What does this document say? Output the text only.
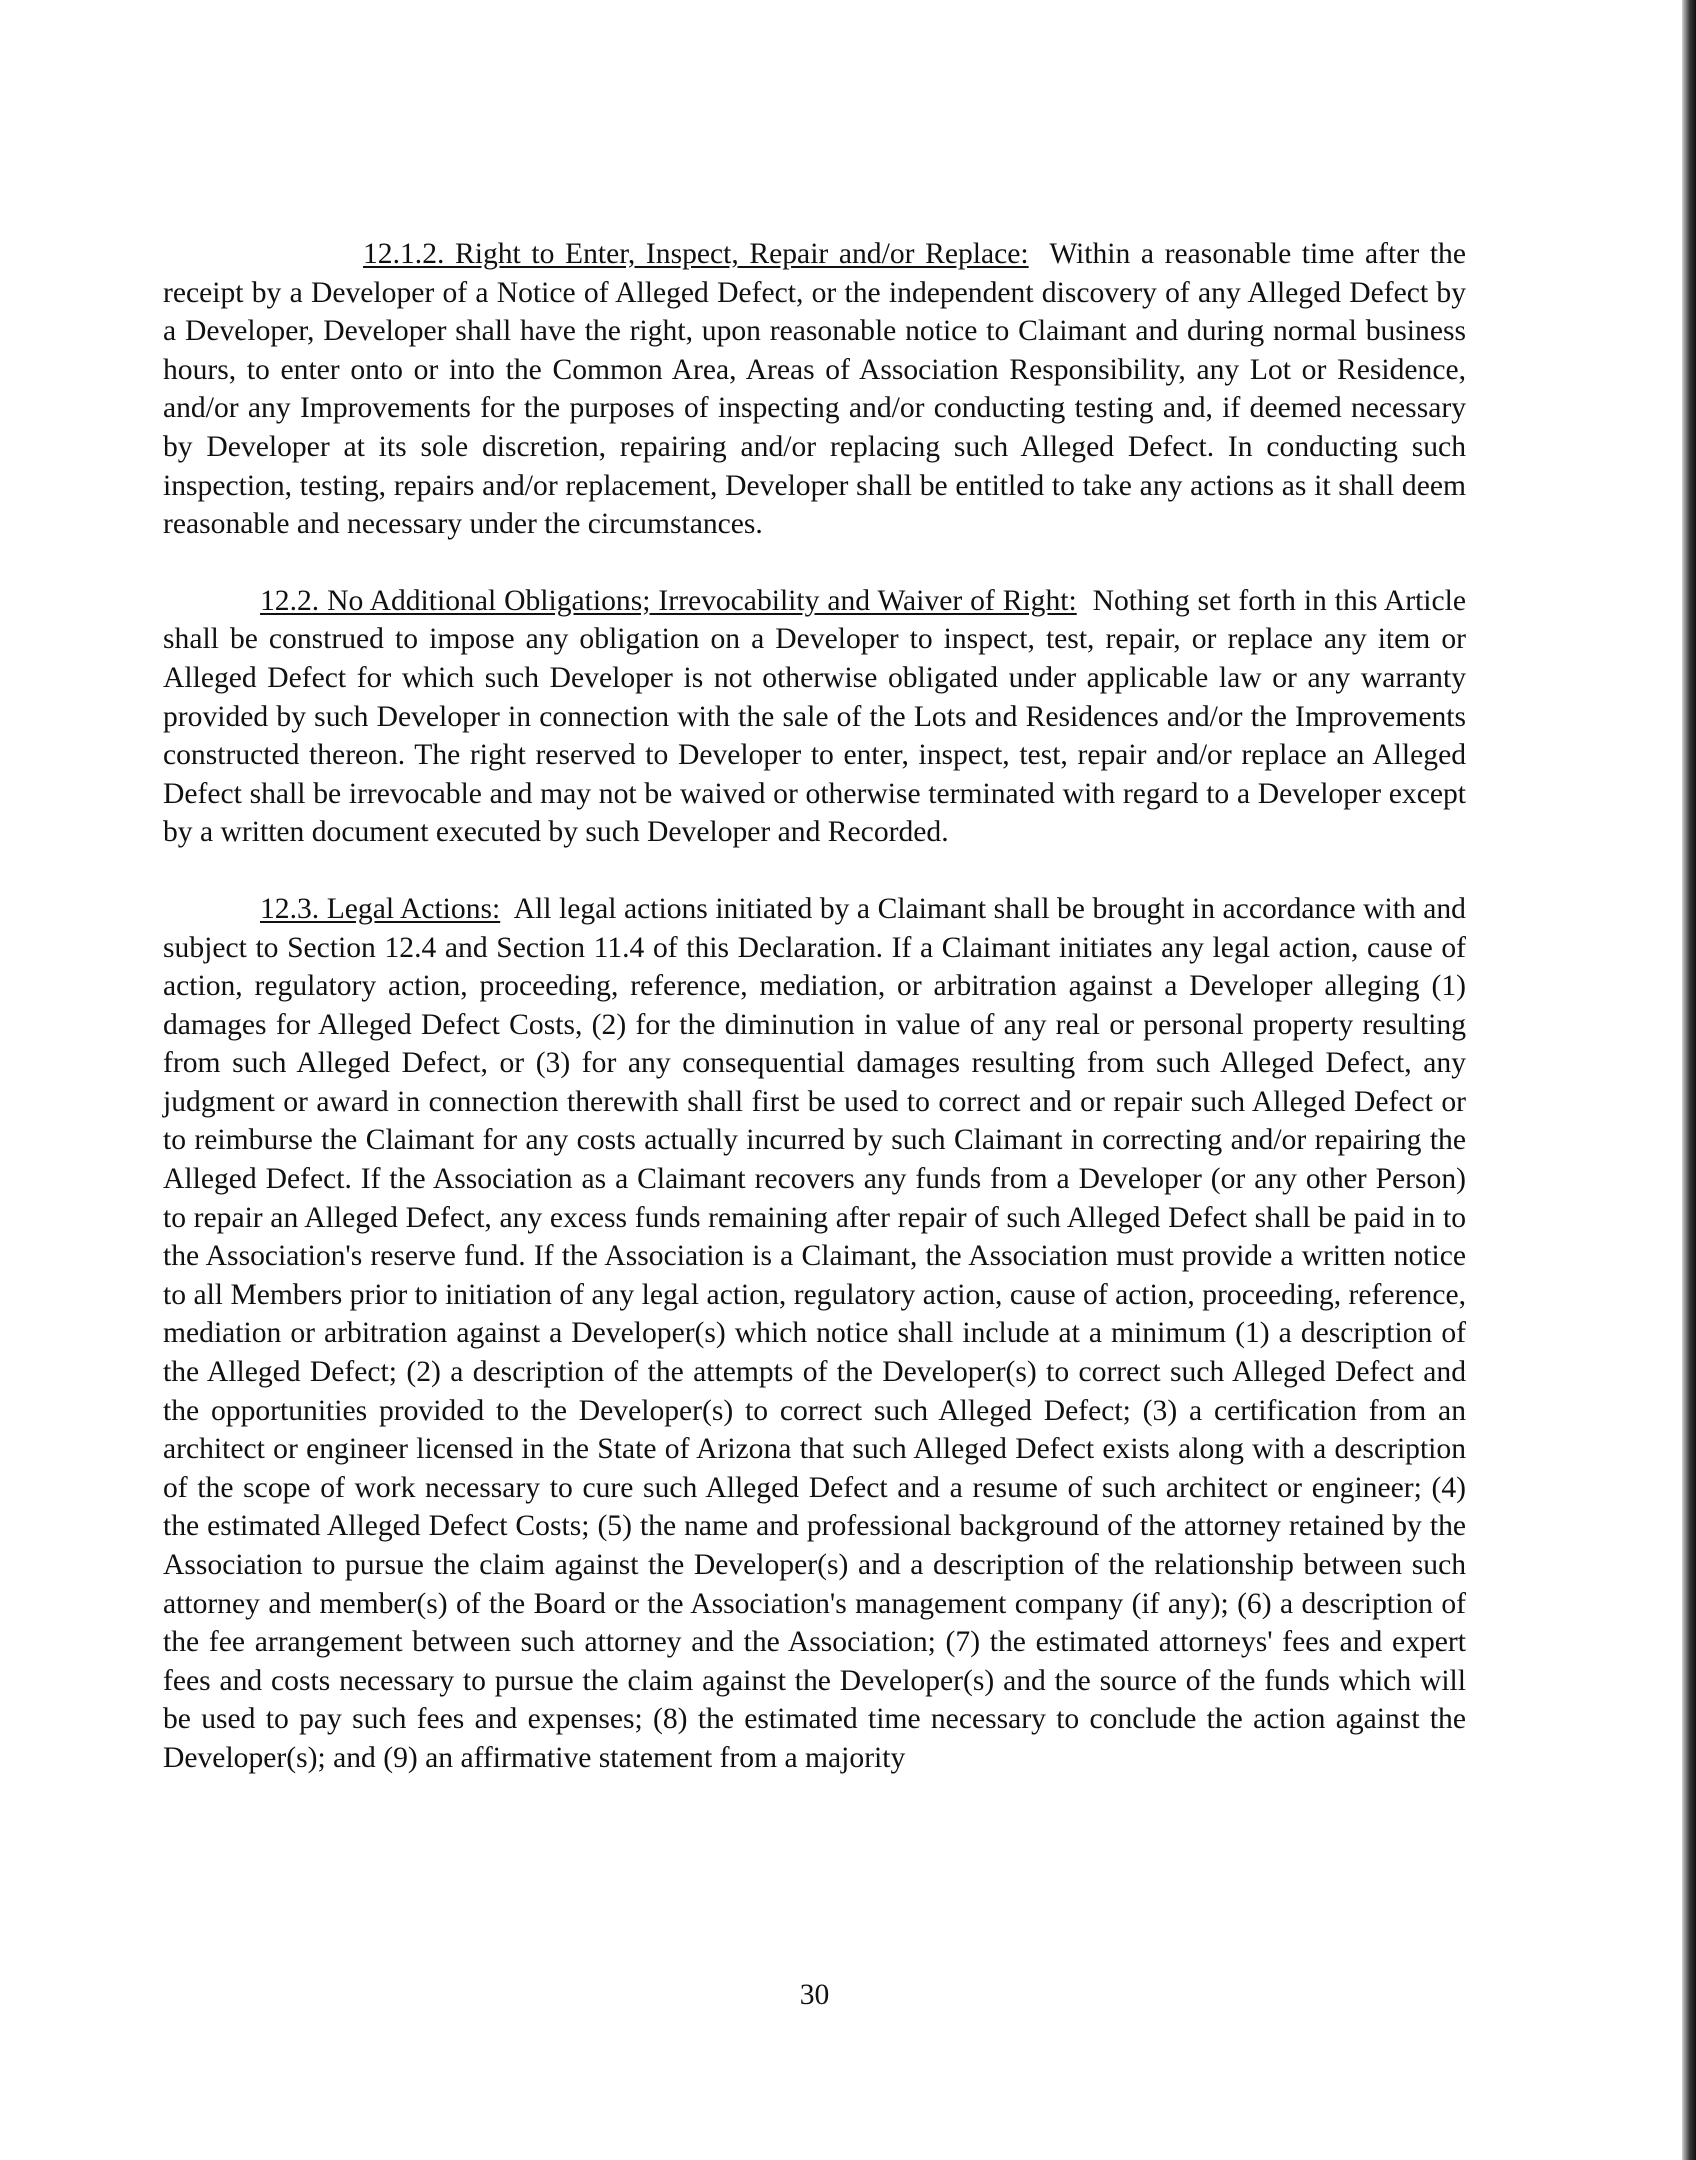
12.1.2. Right to Enter, Inspect, Repair and/or Replace: Within a reasonable time after the receipt by a Developer of a Notice of Alleged Defect, or the independent discovery of any Alleged Defect by a Developer, Developer shall have the right, upon reasonable notice to Claimant and during normal business hours, to enter onto or into the Common Area, Areas of Association Responsibility, any Lot or Residence, and/or any Improvements for the purposes of inspecting and/or conducting testing and, if deemed necessary by Developer at its sole discretion, repairing and/or replacing such Alleged Defect. In conducting such inspection, testing, repairs and/or replacement, Developer shall be entitled to take any actions as it shall deem reasonable and necessary under the circumstances.

12.2. No Additional Obligations; Irrevocability and Waiver of Right: Nothing set forth in this Article shall be construed to impose any obligation on a Developer to inspect, test, repair, or replace any item or Alleged Defect for which such Developer is not otherwise obligated under applicable law or any warranty provided by such Developer in connection with the sale of the Lots and Residences and/or the Improvements constructed thereon. The right reserved to Developer to enter, inspect, test, repair and/or replace an Alleged Defect shall be irrevocable and may not be waived or otherwise terminated with regard to a Developer except by a written document executed by such Developer and Recorded.

12.3. Legal Actions: All legal actions initiated by a Claimant shall be brought in accordance with and subject to Section 12.4 and Section 11.4 of this Declaration. If a Claimant initiates any legal action, cause of action, regulatory action, proceeding, reference, mediation, or arbitration against a Developer alleging (1) damages for Alleged Defect Costs, (2) for the diminution in value of any real or personal property resulting from such Alleged Defect, or (3) for any consequential damages resulting from such Alleged Defect, any judgment or award in connection therewith shall first be used to correct and or repair such Alleged Defect or to reimburse the Claimant for any costs actually incurred by such Claimant in correcting and/or repairing the Alleged Defect. If the Association as a Claimant recovers any funds from a Developer (or any other Person) to repair an Alleged Defect, any excess funds remaining after repair of such Alleged Defect shall be paid in to the Association's reserve fund. If the Association is a Claimant, the Association must provide a written notice to all Members prior to initiation of any legal action, regulatory action, cause of action, proceeding, reference, mediation or arbitration against a Developer(s) which notice shall include at a minimum (1) a description of the Alleged Defect; (2) a description of the attempts of the Developer(s) to correct such Alleged Defect and the opportunities provided to the Developer(s) to correct such Alleged Defect; (3) a certification from an architect or engineer licensed in the State of Arizona that such Alleged Defect exists along with a description of the scope of work necessary to cure such Alleged Defect and a resume of such architect or engineer; (4) the estimated Alleged Defect Costs; (5) the name and professional background of the attorney retained by the Association to pursue the claim against the Developer(s) and a description of the relationship between such attorney and member(s) of the Board or the Association's management company (if any); (6) a description of the fee arrangement between such attorney and the Association; (7) the estimated attorneys' fees and expert fees and costs necessary to pursue the claim against the Developer(s) and the source of the funds which will be used to pay such fees and expenses; (8) the estimated time necessary to conclude the action against the Developer(s); and (9) an affirmative statement from a majority

30
